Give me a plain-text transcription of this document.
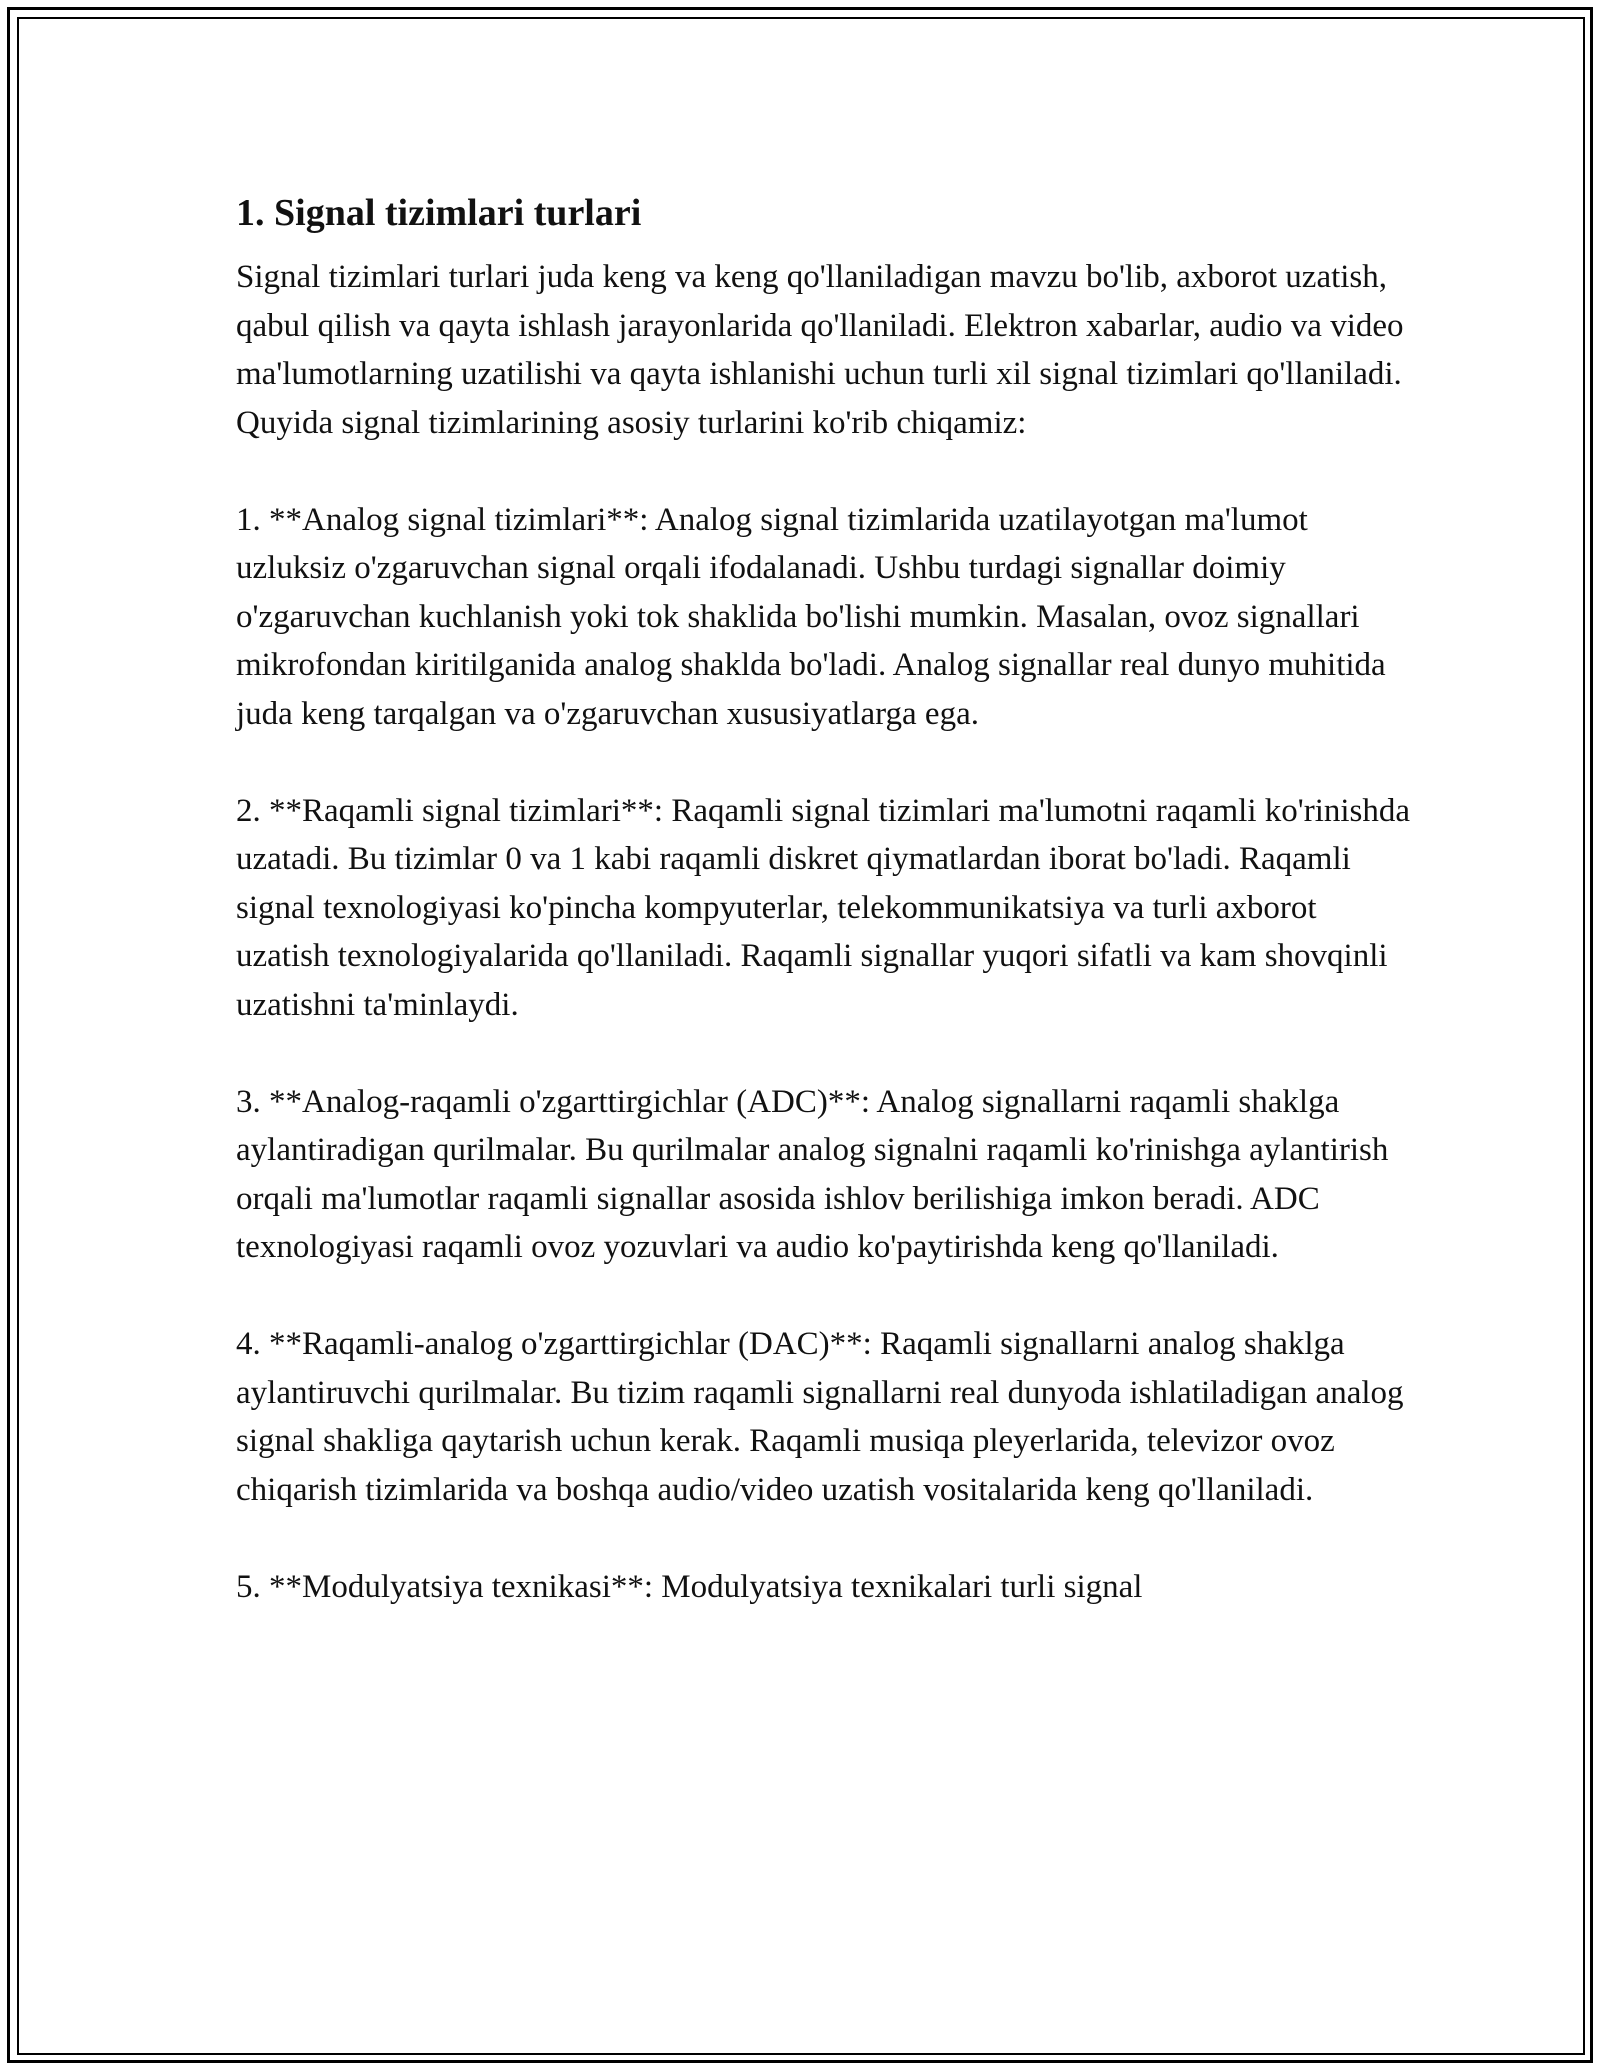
1. Signal tizimlari turlari

Signal tizimlari turlari juda keng va keng qo'llaniladigan mavzu bo'lib, axborot uzatish, qabul qilish va qayta ishlash jarayonlarida qo'llaniladi. Elektron xabarlar, audio va video ma'lumotlarning uzatilishi va qayta ishlanishi uchun turli xil signal tizimlari qo'llaniladi. Quyida signal tizimlarining asosiy turlarini ko'rib chiqamiz:

1. **Analog signal tizimlari**: Analog signal tizimlarida uzatilayotgan ma'lumot uzluksiz o'zgaruvchan signal orqali ifodalanadi. Ushbu turdagi signallar doimiy o'zgaruvchan kuchlanish yoki tok shaklida bo'lishi mumkin. Masalan, ovoz signallari mikrofondan kiritilganida analog shakldа bo'ladi. Analog signallar real dunyo muhitida juda keng tarqalgan va o'zgaruvchan xususiyatlarga ega.

2. **Raqamli signal tizimlari**: Raqamli signal tizimlari ma'lumotni raqamli ko'rinishda uzatadi. Bu tizimlar 0 va 1 kabi raqamli diskret qiymatlardan iborat bo'ladi. Raqamli signal texnologiyasi ko'pincha kompyuterlar, telekommunikatsiya va turli axborot uzatish texnologiyalarida qo'llaniladi. Raqamli signallar yuqori sifatli va kam shovqinli uzatishni ta'minlaydi.

3. **Analog-raqamli o'zgarttirgichlar (ADC)**: Analog signallarni raqamli shaklga aylantiradigan qurilmalar. Bu qurilmalar analog signalni raqamli ko'rinishga aylantirish orqali ma'lumotlar raqamli signallar asosida ishlov berilishiga imkon beradi. ADC texnologiyasi raqamli ovoz yozuvlari va audio ko'paytirishda keng qo'llaniladi.

4. **Raqamli-analog o'zgarttirgichlar (DAC)**: Raqamli signallarni analog shaklga aylantiruvchi qurilmalar. Bu tizim raqamli signallarni real dunyoda ishlatiladigan analog signal shakliga qaytarish uchun kerak. Raqamli musiqa pleyerlarida, televizor ovoz chiqarish tizimlarida va boshqa audio/video uzatish vositalarida keng qo'llaniladi.

5. **Modulyatsiya texnikasi**: Modulyatsiya texnikalari turli signal
